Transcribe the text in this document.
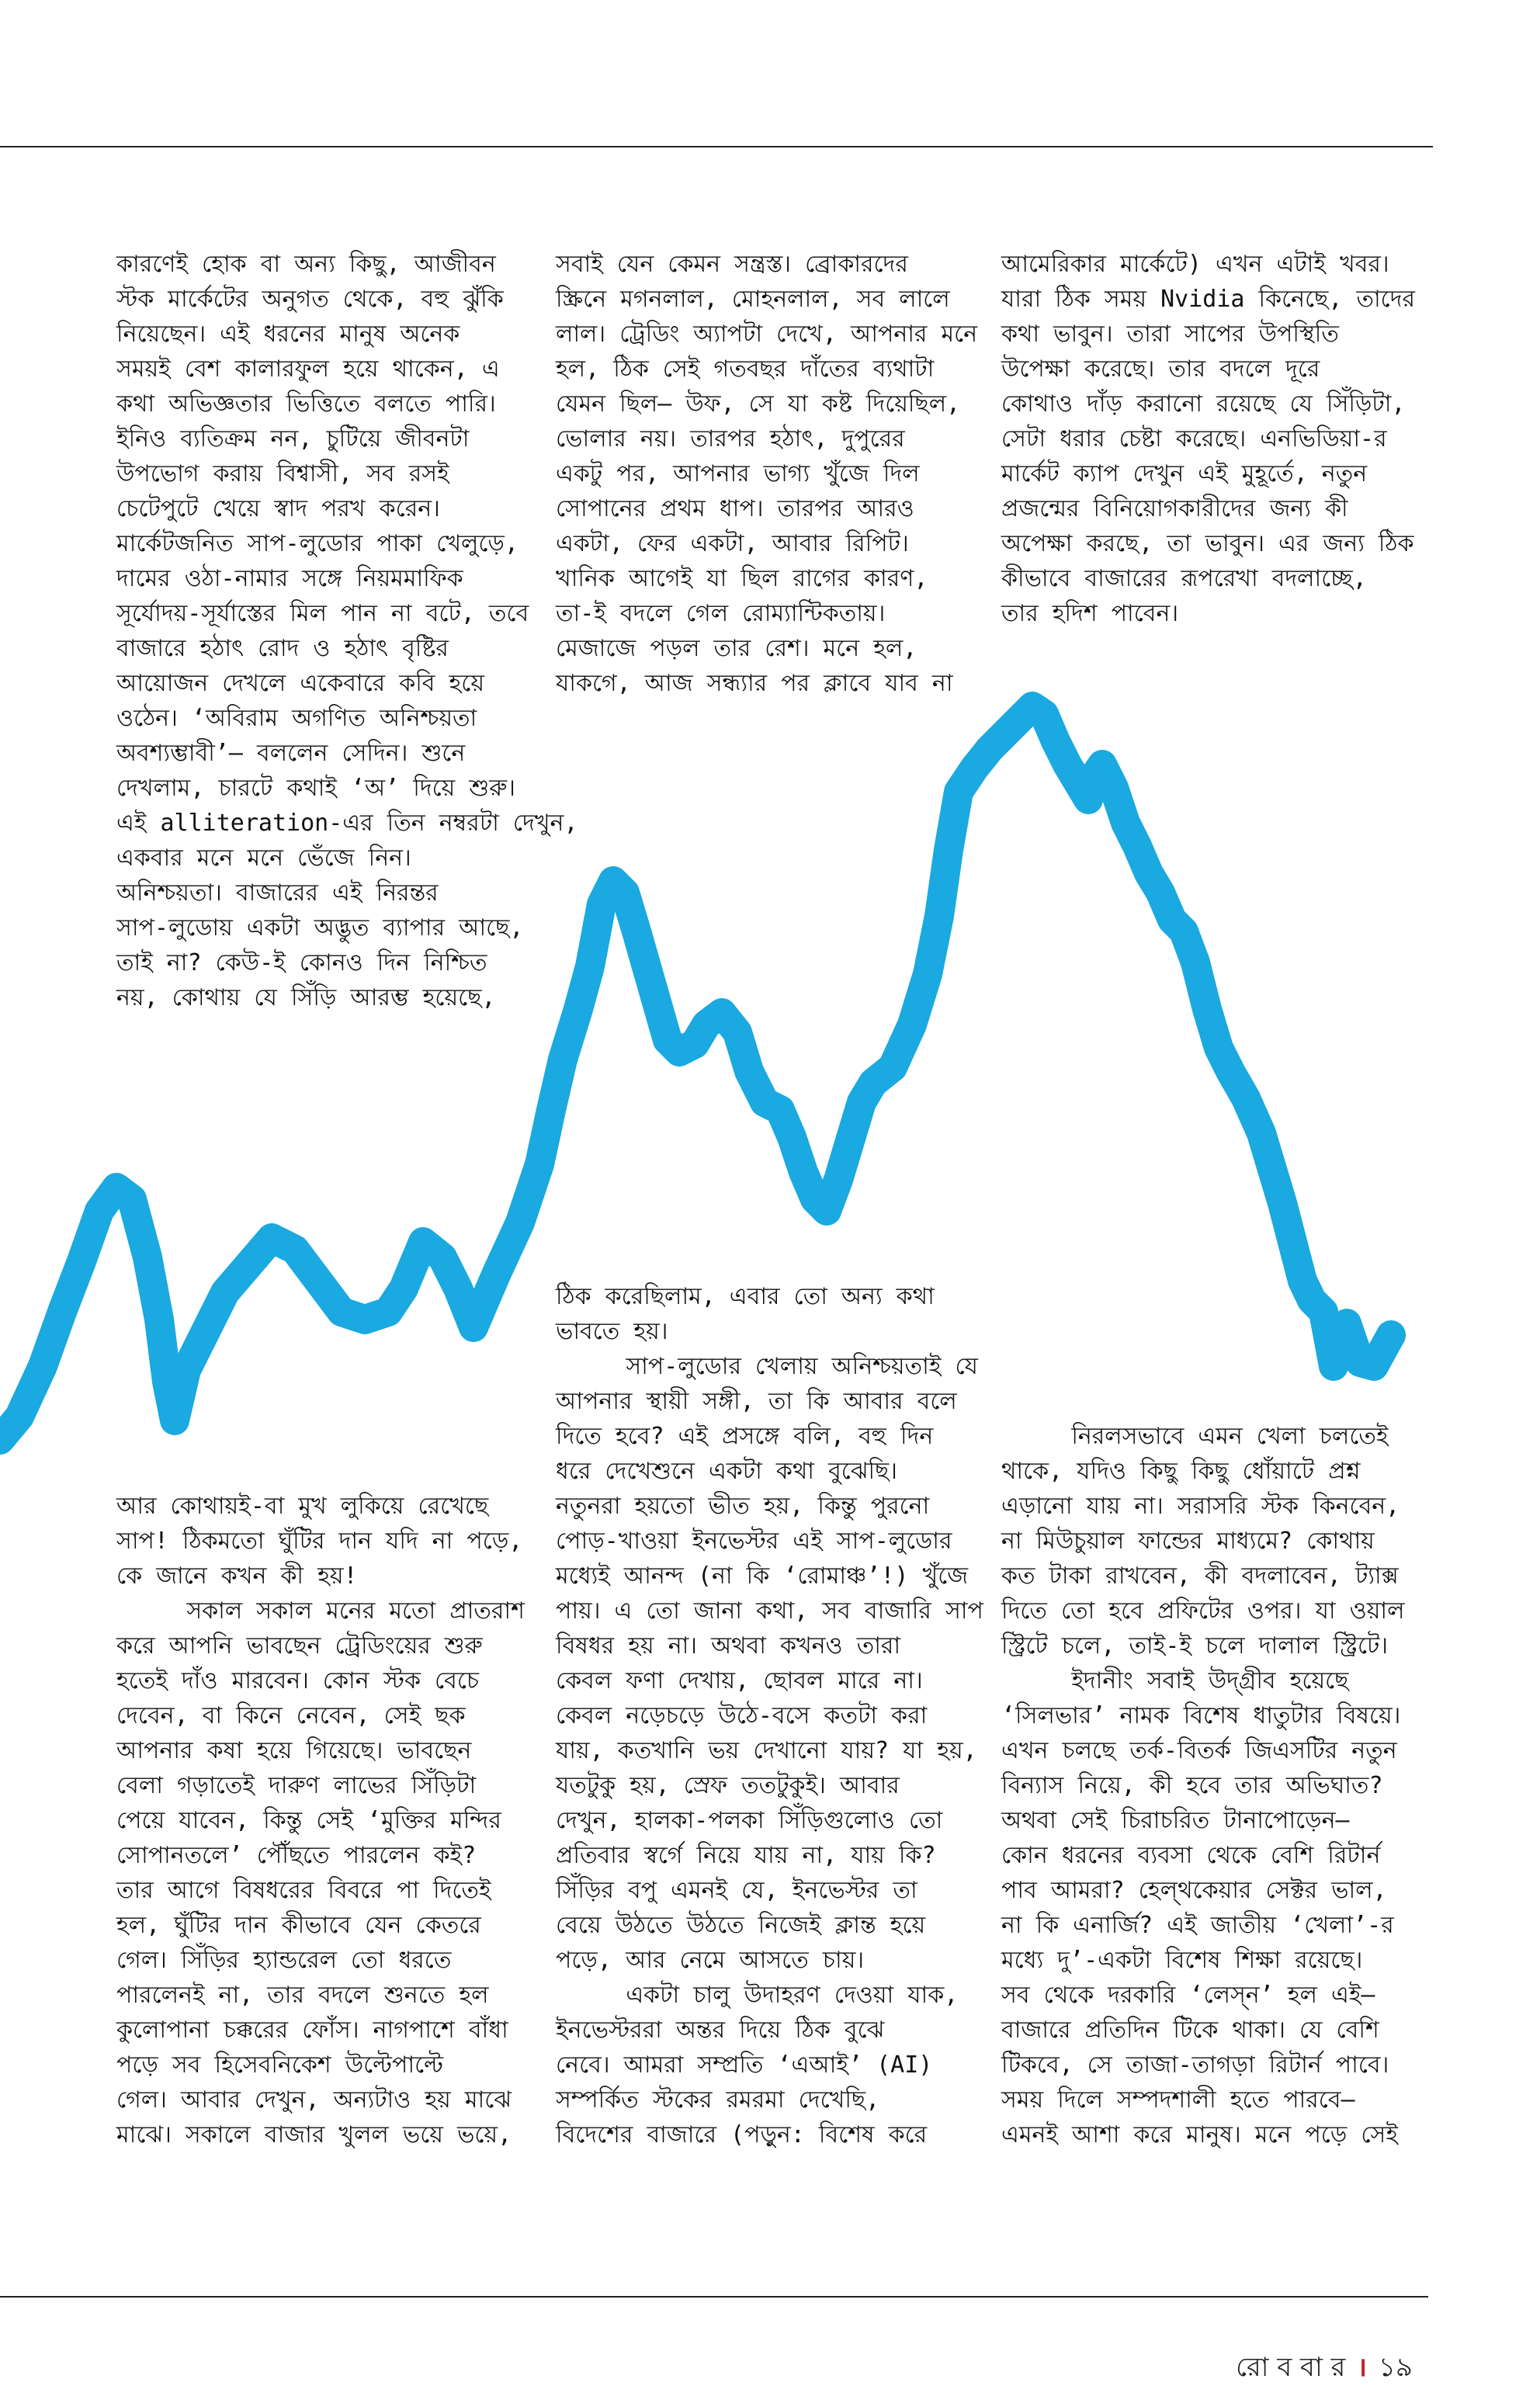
কারণেই হোক বা অন্য কিছু, আজীবন
স্টক মার্কেটের অনুগত থেকে, বহু ঝুঁকি
নিয়েছেন। এই ধরনের মানুষ অনেক
সময়ই বেশ কালারফুল হয়ে থাকেন, এ
কথা অভিজ্ঞতার ভিত্তিতে বলতে পারি।
ইনিও ব্যতিক্রম নন, চুটিয়ে জীবনটা
উপভোগ করায় বিশ্বাসী, সব রসই
চেটেপুটে খেয়ে স্বাদ পরখ করেন।
মার্কেটজনিত সাপ-লুডোর পাকা খেলুড়ে,
দামের ওঠা-নামার সঙ্গে নিয়মমাফিক
সূর্যোদয়-সূর্যাস্তের মিল পান না বটে, তবে
বাজারে হঠাৎ রোদ ও হঠাৎ বৃষ্টির
আয়োজন দেখলে একেবারে কবি হয়ে
ওঠেন। ‘অবিরাম অগণিত অনিশ্চয়তা
অবশ্যম্ভাবী’— বললেন সেদিন। শুনে
দেখলাম, চারটে কথাই ‘অ’ দিয়ে শুরু।
এই alliteration-এর তিন নম্বরটা দেখুন,
একবার মনে মনে ভেঁজে নিন।
অনিশ্চয়তা। বাজারের এই নিরন্তর
সাপ-লুডোয় একটা অদ্ভুত ব্যাপার আছে,
তাই না? কেউ-ই কোনও দিন নিশ্চিত
নয়, কোথায় যে সিঁড়ি আরম্ভ হয়েছে,
সবাই যেন কেমন সন্ত্রস্ত। ব্রোকারদের
স্ক্রিনে মগনলাল, মোহনলাল, সব লালে
লাল। ট্রেডিং অ্যাপটা দেখে, আপনার মনে
হল, ঠিক সেই গতবছর দাঁতের ব্যথাটা
যেমন ছিল— উফ, সে যা কষ্ট দিয়েছিল,
ভোলার নয়। তারপর হঠাৎ, দুপুরের
একটু পর, আপনার ভাগ্য খুঁজে দিল
সোপানের প্রথম ধাপ। তারপর আরও
একটা, ফের একটা, আবার রিপিট।
খানিক আগেই যা ছিল রাগের কারণ,
তা-ই বদলে গেল রোম্যান্টিকতায়।
মেজাজে পড়ল তার রেশ। মনে হল,
যাকগে, আজ সন্ধ্যার পর ক্লাবে যাব না
আমেরিকার মার্কেটে) এখন এটাই খবর।
যারা ঠিক সময় Nvidia কিনেছে, তাদের
কথা ভাবুন। তারা সাপের উপস্থিতি
উপেক্ষা করেছে। তার বদলে দূরে
কোথাও দাঁড় করানো রয়েছে যে সিঁড়িটা,
সেটা ধরার চেষ্টা করেছে। এনভিডিয়া-র
মার্কেট ক্যাপ দেখুন এই মুহূর্তে, নতুন
প্রজন্মের বিনিয়োগকারীদের জন্য কী
অপেক্ষা করছে, তা ভাবুন। এর জন্য ঠিক
কীভাবে বাজারের রূপরেখা বদলাচ্ছে,
তার হদিশ পাবেন।
ঠিক করেছিলাম, এবার তো অন্য কথা
ভাবতে হয়।
সাপ-লুডোর খেলায় অনিশ্চয়তাই যে
আপনার স্থায়ী সঙ্গী, তা কি আবার বলে
দিতে হবে? এই প্রসঙ্গে বলি, বহু দিন
ধরে দেখেশুনে একটা কথা বুঝেছি।
নতুনরা হয়তো ভীত হয়, কিন্তু পুরনো
পোড়-খাওয়া ইনভেস্টর এই সাপ-লুডোর
মধ্যেই আনন্দ (না কি ‘রোমাঞ্চ’!) খুঁজে
পায়। এ তো জানা কথা, সব বাজারি সাপ
বিষধর হয় না। অথবা কখনও তারা
কেবল ফণা দেখায়, ছোবল মারে না।
কেবল নড়েচড়ে উঠে-বসে কতটা করা
যায়, কতখানি ভয় দেখানো যায়? যা হয়,
যতটুকু হয়, স্রেফ ততটুকুই। আবার
দেখুন, হালকা-পলকা সিঁড়িগুলোও তো
প্রতিবার স্বর্গে নিয়ে যায় না, যায় কি?
সিঁড়ির বপু এমনই যে, ইনভেস্টর তা
বেয়ে উঠতে উঠতে নিজেই ক্লান্ত হয়ে
পড়ে, আর নেমে আসতে চায়।
একটা চালু উদাহরণ দেওয়া যাক,
ইনভেস্টররা অন্তর দিয়ে ঠিক বুঝে
নেবে। আমরা সম্প্রতি ‘এআই’ (AI)
সম্পর্কিত স্টকের রমরমা দেখেছি,
বিদেশের বাজারে (পড়ুন: বিশেষ করে
নিরলসভাবে এমন খেলা চলতেই
থাকে, যদিও কিছু কিছু ধোঁয়াটে প্রশ্ন
এড়ানো যায় না। সরাসরি স্টক কিনবেন,
না মিউচুয়াল ফান্ডের মাধ্যমে? কোথায়
কত টাকা রাখবেন, কী বদলাবেন, ট্যাক্স
দিতে তো হবে প্রফিটের ওপর। যা ওয়াল
স্ট্রিটে চলে, তাই-ই চলে দালাল স্ট্রিটে।
ইদানীং সবাই উদ্‌গ্রীব হয়েছে
‘সিলভার’ নামক বিশেষ ধাতুটার বিষয়ে।
এখন চলছে তর্ক-বিতর্ক জিএসটির নতুন
বিন্যাস নিয়ে, কী হবে তার অভিঘাত?
অথবা সেই চিরাচরিত টানাপোড়েন—
কোন ধরনের ব্যবসা থেকে বেশি রিটার্ন
পাব আমরা? হেল্‌থকেয়ার সেক্টর ভাল,
না কি এনার্জি? এই জাতীয় ‘খেলা’-র
মধ্যে দু’-একটা বিশেষ শিক্ষা রয়েছে।
সব থেকে দরকারি ‘লেস্‌ন’ হল এই—
বাজারে প্রতিদিন টিকে থাকা। যে বেশি
টিকবে, সে তাজা-তাগড়া রিটার্ন পাবে।
সময় দিলে সম্পদশালী হতে পারবে—
এমনই আশা করে মানুষ। মনে পড়ে সেই
আর কোথায়ই-বা মুখ লুকিয়ে রেখেছে
সাপ! ঠিকমতো ঘুঁটির দান যদি না পড়ে,
কে জানে কখন কী হয়!
সকাল সকাল মনের মতো প্রাতরাশ
করে আপনি ভাবছেন ট্রেডিংয়ের শুরু
হতেই দাঁও মারবেন। কোন স্টক বেচে
দেবেন, বা কিনে নেবেন, সেই ছক
আপনার কষা হয়ে গিয়েছে। ভাবছেন
বেলা গড়াতেই দারুণ লাভের সিঁড়িটা
পেয়ে যাবেন, কিন্তু সেই ‘মুক্তির মন্দির
সোপানতলে’ পৌঁছতে পারলেন কই?
তার আগে বিষধরের বিবরে পা দিতেই
হল, ঘুঁটির দান কীভাবে যেন কেতরে
গেল। সিঁড়ির হ্যান্ডরেল তো ধরতে
পারলেনই না, তার বদলে শুনতে হল
কুলোপানা চক্করের ফোঁস। নাগপাশে বাঁধা
পড়ে সব হিসেবনিকেশ উল্টেপাল্টে
গেল। আবার দেখুন, অন্যটাও হয় মাঝে
মাঝে। সকালে বাজার খুলল ভয়ে ভয়ে,
রো ব বা র । ১৯
